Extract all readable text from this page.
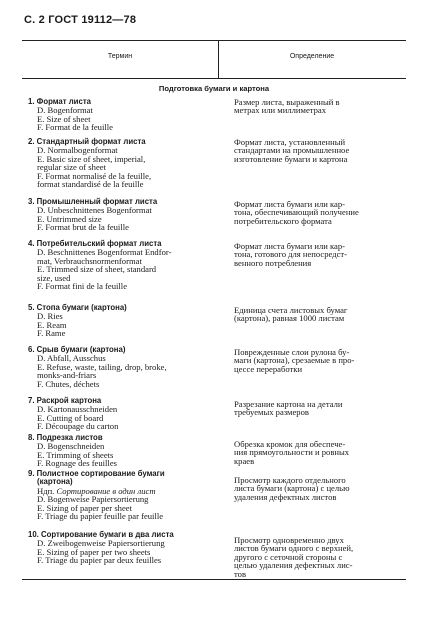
С. 2 ГОСТ 19112—78
Термин	Определение
Подготовка бумаги и картона
1. Формат листа
D. Bogenformat
E. Size of sheet
F. Format de la feuille
Размер листа, выраженный в
метрах или миллиметрах
2. Стандартный формат листа
D. Normalbogenformat
E. Basic size of sheet, imperial,
regular size of sheet
F. Format normalisé de la feuille,
format standardisé de la feuille
Формат листа, установленный
стандартами на промышленное
изготовление бумаги и картона
3. Промышленный формат листа
D. Unbeschnittenes Bogenformat
E. Untrimmed size
F. Format brut de la feuille
Формат листа бумаги или кар-
тона, обеспечивающий получение
потребительского формата
4. Потребительский формат листа
D. Beschnittenes Bogenformat Endfor-
mat, Verbrauchsnormenformat
E. Trimmed size of sheet, standard
size, used
F. Format fini de la feuille
Формат листа бумаги или кар-
тона, готового для непосредст-
венного потребления
5. Стопа бумаги (картона)
D. Ries
E. Ream
F. Rame
Единица счета листовых бумаг
(картона), равная 1000 листам
6. Срыв бумаги (картона)
D. Abfall, Ausschus
E. Refuse, waste, tailing, drop, broke,
monks-and-friars
F. Chutes, déchets
Поврежденные слои рулона бу-
маги (картона), срезаемые в про-
цессе переработки
7. Раскрой картона
D. Kartonausschneiden
E. Cutting of board
F. Découpage du carton
Разрезание картона на детали
требуемых размеров
8. Подрезка листов
D. Bogenschneiden
E. Trimming of sheets
F. Rognage des feuilles
Обрезка кромок для обеспече-
ния прямоугольности и ровных
краев
9. Полистное сортирование бумаги
(картона)
Ндп. Сортирование в один лист
D. Bogenweise Papiersortierung
E. Sizing of paper per sheet
F. Triage du papier feuille par feuille
Просмотр каждого отдельного
листа бумаги (картона) с целью
удаления дефектных листов
10. Сортирование бумаги в два листа
D. Zweibogenweise Papiersortierung
E. Sizing of paper per two sheets
F. Triage du papier par deux feuilles
Просмотр одновременно двух
листов бумаги одного с верхней,
другого с сеточной стороны с
целью удаления дефектных лис-
тов
